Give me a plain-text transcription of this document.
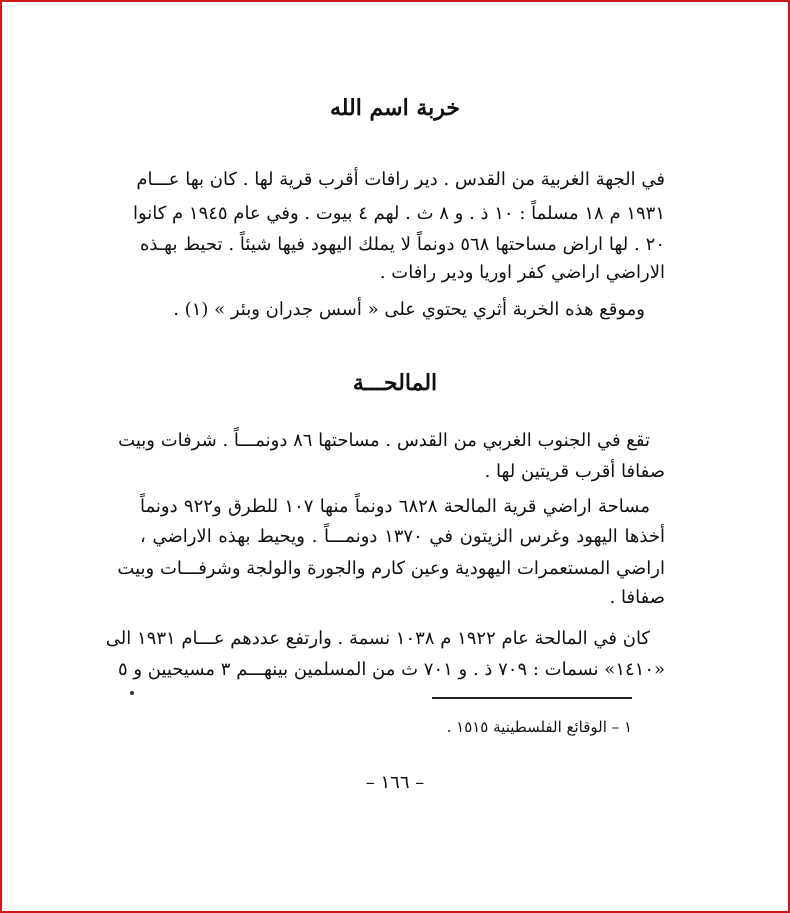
خربة اسم الله
في الجهة الغربية من القدس . دير رافات أقرب قرية لها . كان بها عـــام
١٩٣١ م ١٨ مسلماً : ١٠ ذ . و ٨ ث . لهم ٤ بيوت . وفي عام ١٩٤٥ م كانوا
٢٠ . لها اراض مساحتها ٥٦٨ دونماً لا يملك اليهود فيها شيئاً . تحيط بهـذه
الاراضي اراضي كفر اوريا ودير رافات .
وموقع هذه الخربة أثري يحتوي على « أسس جدران وبئر » (١) .
المالحـــة
تقع في الجنوب الغربي من القدس . مساحتها ٨٦ دونمـــاً . شرفات وبيت
صفافا أقرب قريتين لها .
مساحة اراضي قرية المالحة ٦٨٢٨ دونماً منها ١٠٧ للطرق و٩٢٢ دونماً
أخذها اليهود وغرس الزيتون في ١٣٧٠ دونمـــاً . ويحيط بهذه الاراضي ،
اراضي المستعمرات اليهودية وعين كارم والجورة والولجة وشرفـــات وبيت
صفافا .
كان في المالحة عام ١٩٢٢ م ١٠٣٨ نسمة . وارتفع عددهم عـــام ١٩٣١ الى
«١٤١٠» نسمات : ٧٠٩ ذ . و ٧٠١ ث من المسلمين بينهـــم ٣ مسيحيين و ٥
١ – الوقائع الفلسطينية ١٥١٥ .
– ١٦٦ –
